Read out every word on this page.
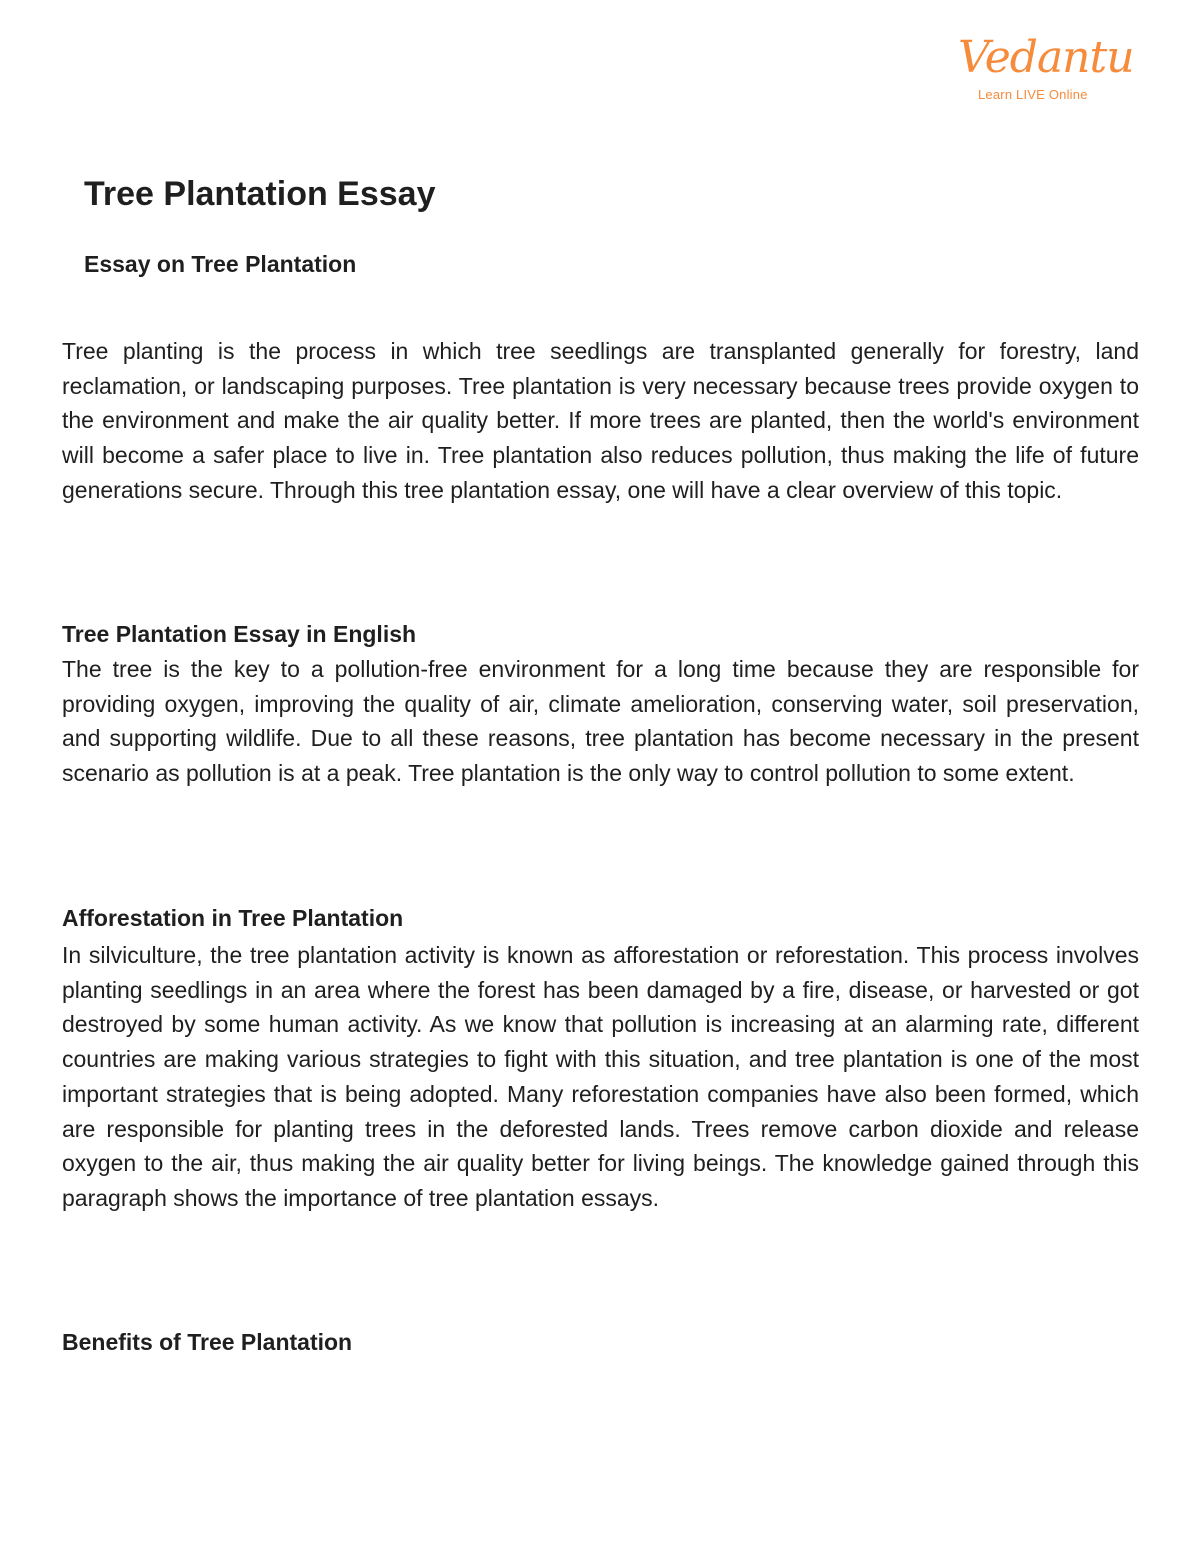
Vedantu
Learn LIVE Online
Tree Plantation Essay
Essay on Tree Plantation

Tree planting is the process in which tree seedlings are transplanted generally for forestry, land reclamation, or landscaping purposes. Tree plantation is very necessary because trees provide oxygen to the environment and make the air quality better. If more trees are planted, then the world's environment will become a safer place to live in. Tree plantation also reduces pollution, thus making the life of future generations secure. Through this tree plantation essay, one will have a clear overview of this topic.

Tree Plantation Essay in English

The tree is the key to a pollution-free environment for a long time because they are responsible for providing oxygen, improving the quality of air, climate amelioration, conserving water, soil preservation, and supporting wildlife. Due to all these reasons, tree plantation has become necessary in the present scenario as pollution is at a peak. Tree plantation is the only way to control pollution to some extent.

Afforestation in Tree Plantation

In silviculture, the tree plantation activity is known as afforestation or reforestation. This process involves planting seedlings in an area where the forest has been damaged by a fire, disease, or harvested or got destroyed by some human activity. As we know that pollution is increasing at an alarming rate, different countries are making various strategies to fight with this situation, and tree plantation is one of the most important strategies that is being adopted. Many reforestation companies have also been formed, which are responsible for planting trees in the deforested lands. Trees remove carbon dioxide and release oxygen to the air, thus making the air quality better for living beings. The knowledge gained through this paragraph shows the importance of tree plantation essays.

Benefits of Tree Plantation
